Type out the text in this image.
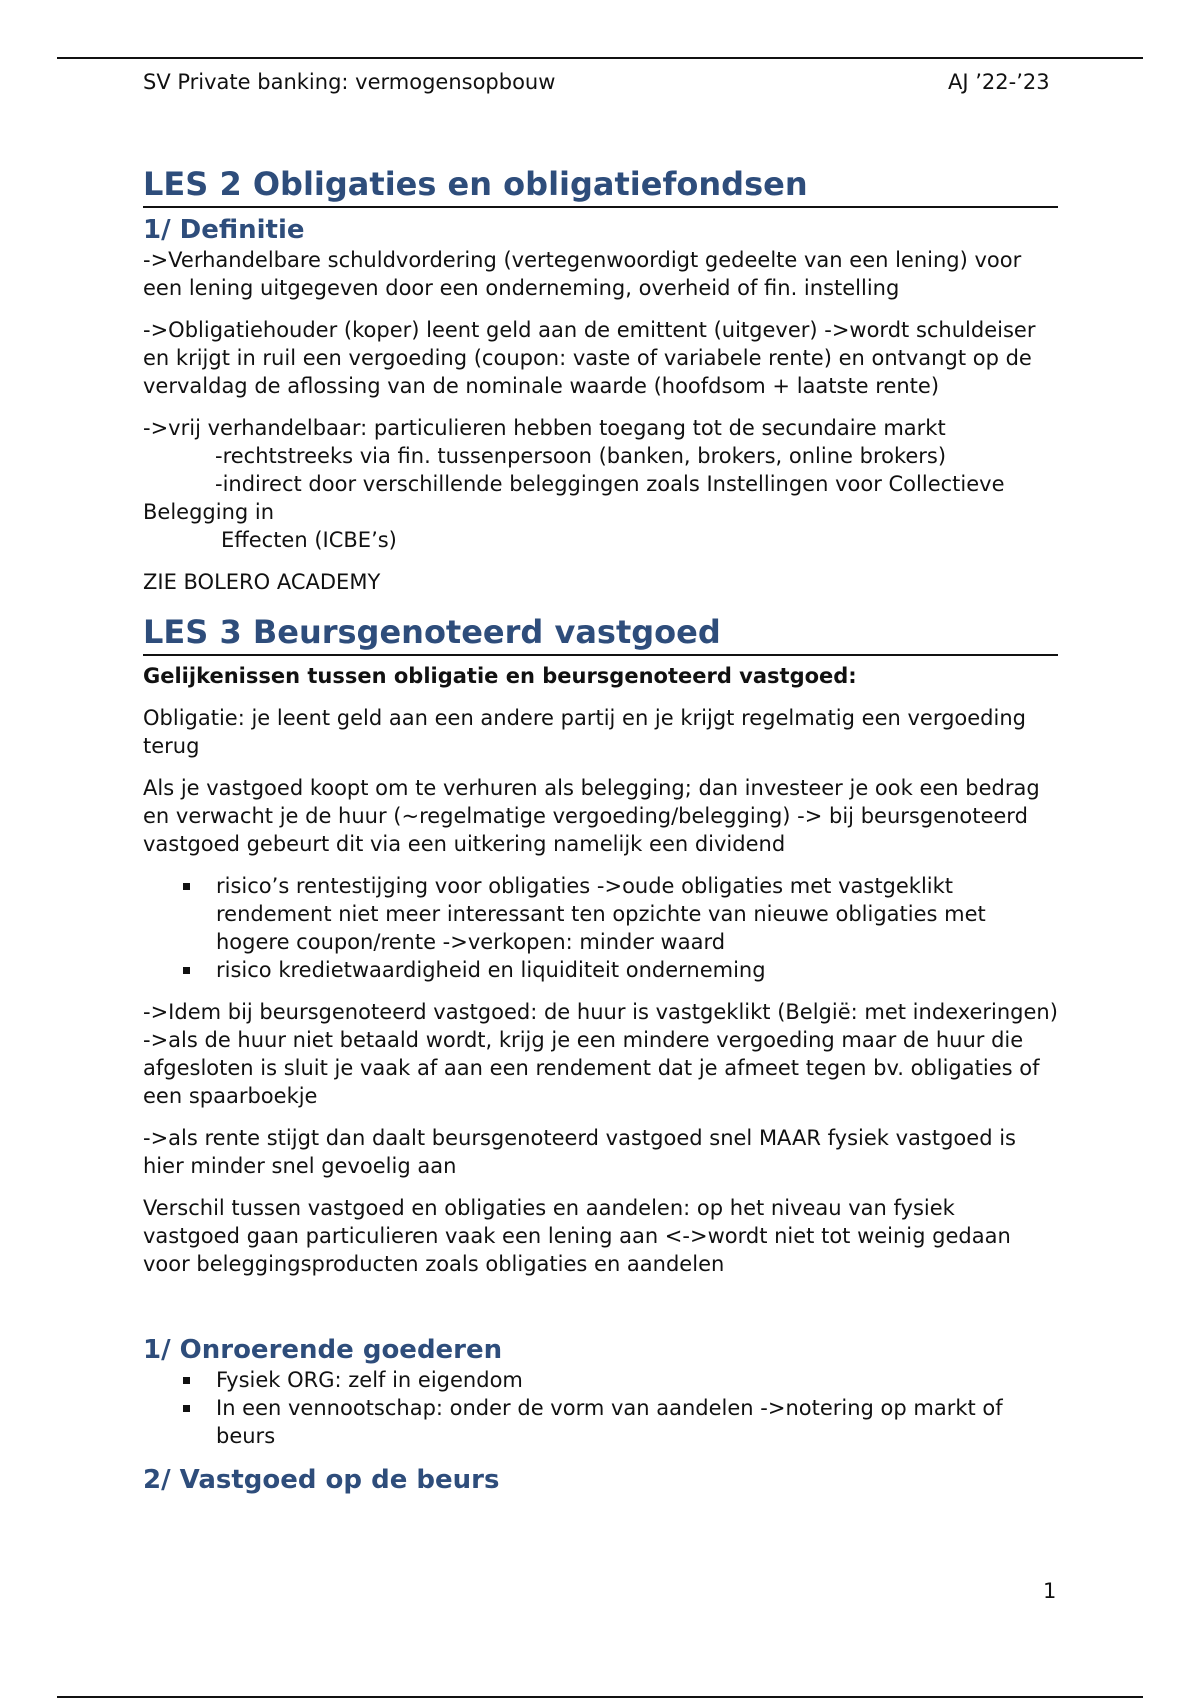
SV Private banking: vermogensopbouw	AJ ’22-’23
LES 2 Obligaties en obligatiefondsen
1/ Definitie

->Verhandelbare schuldvordering (vertegenwoordigt gedeelte van een lening) voor een lening uitgegeven door een onderneming, overheid of fin. instelling

->Obligatiehouder (koper) leent geld aan de emittent (uitgever) ->wordt schuldeiser en krijgt in ruil een vergoeding (coupon: vaste of variabele rente) en ontvangt op de vervaldag de aflossing van de nominale waarde (hoofdsom + laatste rente)

->vrij verhandelbaar: particulieren hebben toegang tot de secundaire markt

-rechtstreeks via fin. tussenpersoon (banken, brokers, online brokers)

-indirect door verschillende beleggingen zoals Instellingen voor Collectieve

Belegging in

Effecten (ICBE’s)

ZIE BOLERO ACADEMY

LES 3 Beursgenoteerd vastgoed

Gelijkenissen tussen obligatie en beursgenoteerd vastgoed:

Obligatie: je leent geld aan een andere partij en je krijgt regelmatig een vergoeding terug

Als je vastgoed koopt om te verhuren als belegging; dan investeer je ook een bedrag en verwacht je de huur (~regelmatige vergoeding/belegging) -> bij beursgenoteerd vastgoed gebeurt dit via een uitkering namelijk een dividend

risico’s rentestijging voor obligaties ->oude obligaties met vastgeklikt rendement niet meer interessant ten opzichte van nieuwe obligaties met hogere coupon/rente ->verkopen: minder waard
risico kredietwaardigheid en liquiditeit onderneming

->Idem bij beursgenoteerd vastgoed: de huur is vastgeklikt (België: met indexeringen) ->als de huur niet betaald wordt, krijg je een mindere vergoeding maar de huur die afgesloten is sluit je vaak af aan een rendement dat je afmeet tegen bv. obligaties of een spaarboekje

->als rente stijgt dan daalt beursgenoteerd vastgoed snel MAAR fysiek vastgoed is hier minder snel gevoelig aan

Verschil tussen vastgoed en obligaties en aandelen: op het niveau van fysiek vastgoed gaan particulieren vaak een lening aan <->wordt niet tot weinig gedaan voor beleggingsproducten zoals obligaties en aandelen

1/ Onroerende goederen
Fysiek ORG: zelf in eigendom
In een vennootschap: onder de vorm van aandelen ->notering op markt of beurs
2/ Vastgoed op de beurs
1
